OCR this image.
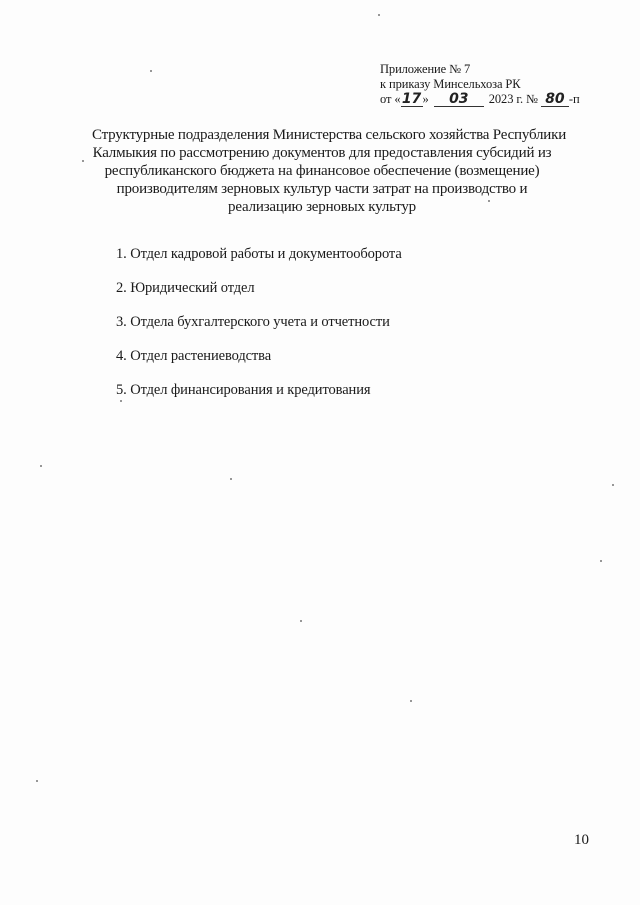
Приложение № 7
к приказу Минсельхоза РК
от «17» 03 2023 г. № 80 -п
Структурные подразделения Министерства сельского хозяйства Республики
Калмыкия по рассмотрению документов для предоставления субсидий из
республиканского бюджета на финансовое обеспечение (возмещение)
производителям зерновых культур части затрат на производство и
реализацию зерновых культур
1. Отдел кадровой работы и документооборота
2. Юридический отдел
3. Отдела бухгалтерского учета и отчетности
4. Отдел растениеводства
5. Отдел финансирования и кредитования
10
